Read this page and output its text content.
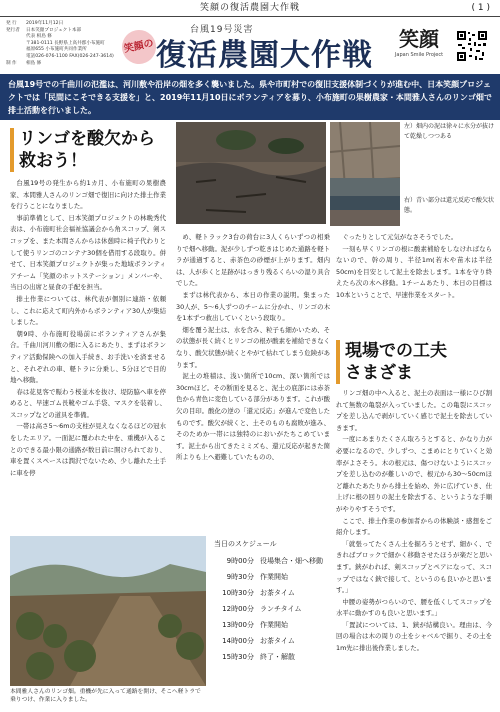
笑顔の復活農園大作戦	( 1 )
発 行	2019年11月12日
発行者	日本笑顔プロジェクト本部
代表 相島 修
〒381-0111 長野県上高井郡小布施町
福原655 小布施町共同作業所
電話026-076-1100 FAX(026-247-3614)
制 作	相島 修
台風19号災害
笑顔の 復活農園大作戦	笑顔
Japan Smile Project
台風19号での千曲川の氾濫は、河川敷や沿岸の畑を多く襲いました。県や市町村での復旧支援体制づくりが進む中、日本笑顔プロジェクトでは「民間にこそできる支援を」と、2019年11月10日にボランティアを募り、小布施町の果樹農家・本間雅人さんのリンゴ畑で排土活動を行いました。
リンゴを酸欠から
救おう！

台風19号の発生から約1カ月、小布施町の果樹農家、本間雅人さんのリンゴ畑で復旧に向けた排土作業を行うことになりました。

事前準備として、日本笑顔プロジェクトの林晩秀代表は、小布施町社会福祉協議会から角スコップ、剣スコップを、また本間さんからは休憩時に椅子代わりとして使うリンゴのコンテナ30個を借用する段取り。併せて、日本笑顔プロジェクトが集った地域ボランティアチーム「笑顔のホットステーション」メンバーや、当日の出席と昼食の手配を担当。

排土作業については、林代表が個別に連絡・依頼し、これに応えて町内外からボランティア30人が集結しました。

朝9時、小布施町役場前にボランティアさんが集合。千曲川河川敷の畑に入るにあたり、まずはボランティア活動保険への加入手続き、お手洗いを済ませると、それぞれの車、軽トラに分乗し、5分ほどで目的地へ移動。

春は花見客で賑わう桜並木を抜け、堤防脇へ車を停めると、早速ゴム長靴やゴム手袋、マスクを装着し、スコップなどの道具を準備。

一帯は高さ5～6mの支柱が見えなくなるほどの冠水をしたエリア。一面泥に覆われた中を、重機が入ることのできる最小限の通路が数日前に開けられており、車を置くスペースは潤沢でないため、少し離れた土手に車を停

左）畑内の泥は徐々に水分が抜けて乾燥しつつある
右）青い部分は還元反応で酸欠状態。

め、軽トラック3台の荷台に3人くらいずつの相乗りで畑へ移動。泥が少しずつ乾きはじめた通路を軽トラが通過すると、赤茶色の砂煙が上がります。畑内は、人が歩くと足跡がはっきり残るくらいの湿り具合でした。

まずは林代表から、本日の作業の説明。集まった30人が、5～6人ずつのチームに分かれ、リンゴの木を1本ずつ救出していくという段取り。

畑を覆う泥土は、水を含み、粒子も細かいため、その状態が長く続くとリンゴの根が酸素を補給できなくなり、酸欠状態が続くとやがて枯れてしまう危険があります。

泥土の堆積は、浅い箇所で10cm、深い箇所では30cmほど。その断面を見ると、泥土の底部には赤茶色から青色に変色している部分があります。これが酸欠の目印。酸化の逆の「還元反応」が進んで変色したものです。酸欠が続くと、土そのものも腐敗が進み、そのためか一帯には独特のにおいがたちこめています。泥土から出てきたミミズも、還元反応が起きた箇所よりも上へ避難していたものの、

ぐったりとして元気がなさそうでした。

一刻も早くリンゴの根に酸素補給をしなければならないので、幹の周り、半径1m(若木や苗木は半径50cm)を目安として泥土を除去します。1本を守り終えたら次の木へ移動。1チームあたり、本日の目標は10本ということで、早速作業をスタート。

現場での工夫
さまざま

リンゴ畑の中へ入ると、泥土の表面は一様にひび割れて無数の亀裂が入っていました。この亀裂にスコップを差し込んで剥がしていく感じで泥土を除去していきます。

一度にあまりたくさん取ろうとすると、かなり力が必要になるので、少しずつ、こまめにとりていくと効率がよさそう。木の根元は、傷つけないようにスコップを差し込むのが難しいので、根元から30～50cmほど離れたあたりから排土を始め、外に広げていき、仕上げに根の回りの泥土を除去する、というような手順がやりやすそうです。

ここで、排土作業の参加者からの体験談・感想をご紹介します。

「就張ってたくさん土を掘ろうとせず、細かく、できればブロックで細かく移動させたほうが楽だと思います。鋏がわれば、剣スコップとペアになって、スコップではなく鋏で接して、というのも良いかと思います。」

中腰の姿勢がつらいので、腰を低くしてスコップを水平に動かすのも良いと思います。」

「置試については、1、鋏が結構良い。理由は、今回の場合は木の周りの土をシャベルで掘り、その土を1m先に排出後作業しました。

本間雅人さんのリンゴ畑。重機が先に入って通路を開け、そこへ軽トラで乗りつけ、作業に入りました。
当日のスケジュール
9時00分 役場集合・畑へ移動
9時30分 作業開始
10時30分 お茶タイム
12時00分 ランチタイム
13時00分 作業開始
14時00分 お茶タイム
15時30分 終了・解散
